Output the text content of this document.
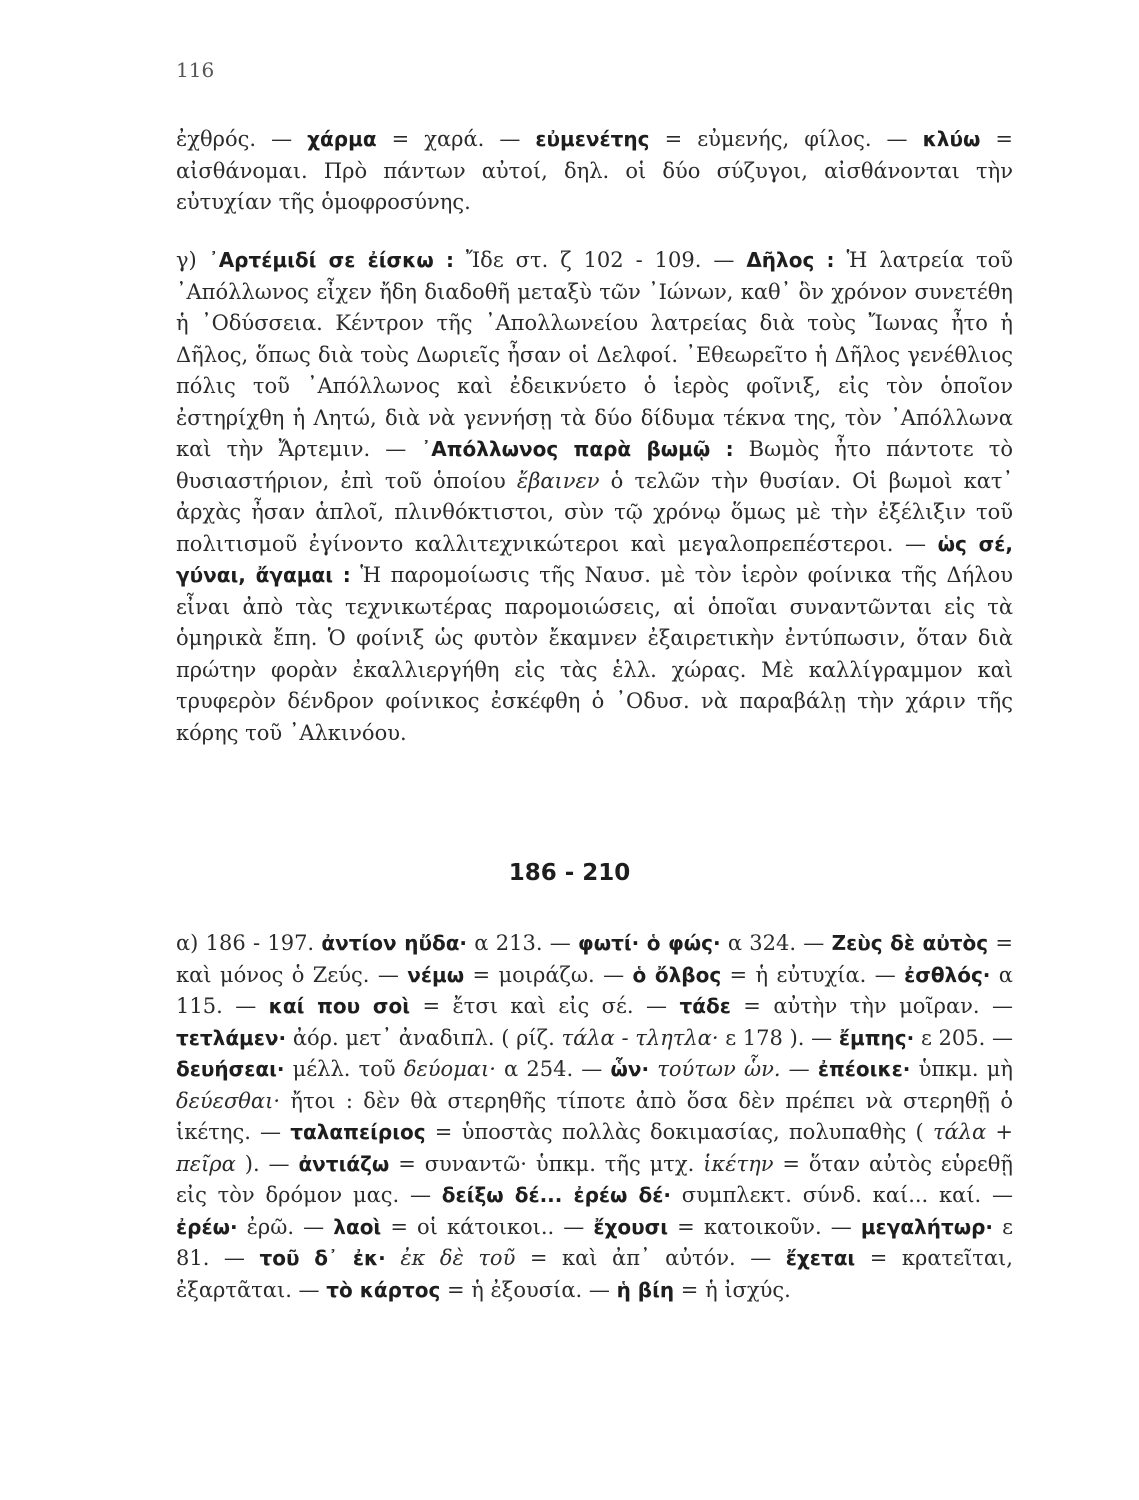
116

ἐχθρός. — χάρμα = χαρά. — εὐμενέτης = εὐμενής, φίλος. — κλύω = αἰσθάνομαι. Πρὸ πάντων αὐτοί, δηλ. οἱ δύο σύζυγοι, αἰσθάνονται τὴν εὐτυχίαν τῆς ὁμοφροσύνης.

γ) ᾿Αρτέμιδί σε ἐίσκω : Ἴδε στ. ζ 102 - 109. — Δῆλος : Ἡ λατρεία τοῦ ᾿Απόλλωνος εἶχεν ἤδη διαδοθῆ μεταξὺ τῶν ᾿Ιώνων, καθ᾿ ὃν χρόνον συνετέθη ἡ ᾿Οδύσσεια. Κέντρον τῆς ᾿Απολλωνείου λατρείας διὰ τοὺς Ἴωνας ἦτο ἡ Δῆλος, ὅπως διὰ τοὺς Δωριεῖς ἦσαν οἱ Δελφοί. ᾿Εθεωρεῖτο ἡ Δῆλος γενέθλιος πόλις τοῦ ᾿Απόλλωνος καὶ ἐδεικνύετο ὁ ἱερὸς φοῖνιξ, εἰς τὸν ὁποῖον ἐστηρίχθη ἡ Λητώ, διὰ νὰ γεννήσῃ τὰ δύο δίδυμα τέκνα της, τὸν ᾿Απόλλωνα καὶ τὴν Ἄρτεμιν. — ᾿Απόλλωνος παρὰ βωμῷ : Βωμὸς ἦτο πάντοτε τὸ θυσιαστήριον, ἐπὶ τοῦ ὁποίου ἔβαινεν ὁ τελῶν τὴν θυσίαν. Οἱ βωμοὶ κατ᾿ ἀρχὰς ἦσαν ἁπλοῖ, πλινθόκτιστοι, σὺν τῷ χρόνῳ ὅμως μὲ τὴν ἐξέλιξιν τοῦ πολιτισμοῦ ἐγίνοντο καλλιτεχνικώτεροι καὶ μεγαλοπρεπέστεροι. — ὡς σέ, γύναι, ἄγαμαι : Ἡ παρομοίωσις τῆς Ναυσ. μὲ τὸν ἱερὸν φοίνικα τῆς Δήλου εἶναι ἀπὸ τὰς τεχνικωτέρας παρομοιώσεις, αἱ ὁποῖαι συναντῶνται εἰς τὰ ὁμηρικὰ ἔπη. Ὁ φοίνιξ ὡς φυτὸν ἔκαμνεν ἐξαιρετικὴν ἐντύπωσιν, ὅταν διὰ πρώτην φορὰν ἐκαλλιεργήθη εἰς τὰς ἑλλ. χώρας. Μὲ καλλίγραμμον καὶ τρυφερὸν δένδρον φοίνικος ἐσκέφθη ὁ ᾿Οδυσ. νὰ παραβάλῃ τὴν χάριν τῆς κόρης τοῦ ᾿Αλκινόου.

186 - 210

α) 186 - 197. ἀντίον ηὔδα· α 213. — φωτί· ὁ φώς· α 324. — Ζεὺς δὲ αὐτὸς = καὶ μόνος ὁ Ζεύς. — νέμω = μοιράζω. — ὁ ὄλβος = ἡ εὐτυχία. — ἐσθλός· α 115. — καί που σοὶ = ἔτσι καὶ εἰς σέ. — τάδε = αὐτὴν τὴν μοῖραν. — τετλάμεν· ἀόρ. μετ᾿ ἀναδιπλ. ( ρίζ. τάλα - τλητλα· ε 178 ). — ἔμπης· ε 205. — δευήσεαι· μέλλ. τοῦ δεύομαι· α 254. — ὧν· τούτων ὧν. — ἐπέοικε· ὑπκμ. μὴ δεύεσθαι· ἤτοι : δὲν θὰ στερηθῆς τίποτε ἀπὸ ὅσα δὲν πρέπει νὰ στερηθῇ ὁ ἱκέτης. — ταλαπείριος = ὑποστὰς πολλὰς δοκιμασίας, πολυπαθὴς ( τάλα + πεῖρα ). — ἀντιάζω = συναντῶ· ὑπκμ. τῆς μτχ. ἱκέτην = ὅταν αὐτὸς εὑρεθῇ εἰς τὸν δρόμον μας. — δείξω δέ... ἐρέω δέ· συμπλεκτ. σύνδ. καί... καί. — ἐρέω· ἐρῶ. — λαοὶ = οἱ κάτοικοι.. — ἔχουσι = κατοικοῦν. — μεγαλήτωρ· ε 81. — τοῦ δ᾿ ἐκ· ἐκ δὲ τοῦ = καὶ ἀπ᾿ αὐτόν. — ἔχεται = κρατεῖται, ἐξαρτᾶται. — τὸ κάρτος = ἡ ἐξουσία. — ἡ βίη = ἡ ἰσχύς.
